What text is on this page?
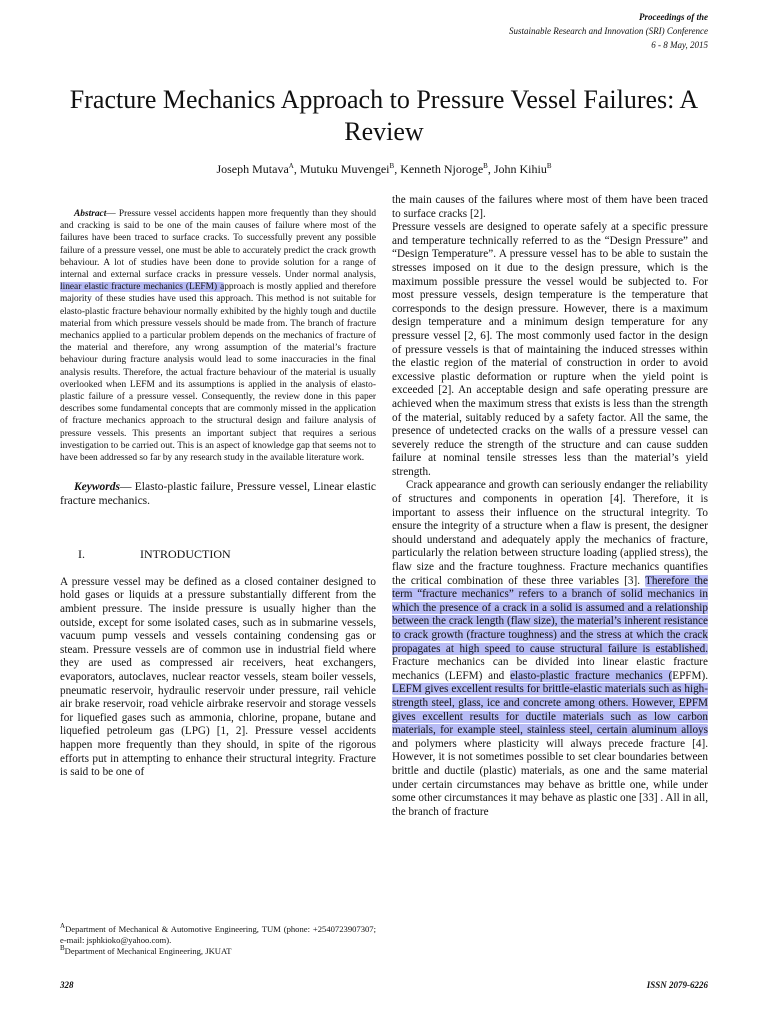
Proceedings of the
Sustainable Research and Innovation (SRI) Conference
6 - 8 May, 2015
Fracture Mechanics Approach to Pressure Vessel Failures: A Review
Joseph Mutava$^A$, Mutuku Muvengei$^B$, Kenneth Njoroge$^B$, John Kihiu$^B$

Abstract— Pressure vessel accidents happen more frequently than they should and cracking is said to be one of the main causes of failure where most of the failures have been traced to surface cracks. To successfully prevent any possible failure of a pressure vessel, one must be able to accurately predict the crack growth behaviour. A lot of studies have been done to provide solution for a range of internal and external surface cracks in pressure vessels. Under normal analysis, linear elastic fracture mechanics (LEFM) approach is mostly applied and therefore majority of these studies have used this approach. This method is not suitable for elasto-plastic fracture behaviour normally exhibited by the highly tough and ductile material from which pressure vessels should be made from. The branch of fracture mechanics applied to a particular problem depends on the mechanics of fracture of the material and therefore, any wrong assumption of the material’s fracture behaviour during fracture analysis would lead to some inaccuracies in the final analysis results. Therefore, the actual fracture behaviour of the material is usually overlooked when LEFM and its assumptions is applied in the analysis of elasto-plastic failure of a pressure vessel. Consequently, the review done in this paper describes some fundamental concepts that are commonly missed in the application of fracture mechanics approach to the structural design and failure analysis of pressure vessels. This presents an important subject that requires a serious investigation to be carried out. This is an aspect of knowledge gap that seems not to have been addressed so far by any research study in the available literature work.

Keywords— Elasto-plastic failure, Pressure vessel, Linear elastic fracture mechanics.

I.	INTRODUCTION

A pressure vessel may be defined as a closed container designed to hold gases or liquids at a pressure substantially different from the ambient pressure. The inside pressure is usually higher than the outside, except for some isolated cases, such as in submarine vessels, vacuum pump vessels and vessels containing condensing gas or steam. Pressure vessels are of common use in industrial field where they are used as compressed air receivers, heat exchangers, evaporators, autoclaves, nuclear reactor vessels, steam boiler vessels, pneumatic reservoir, hydraulic reservoir under pressure, rail vehicle air brake reservoir, road vehicle airbrake reservoir and storage vessels for liquefied gases such as ammonia, chlorine, propane, butane and liquefied petroleum gas (LPG) [1, 2]. Pressure vessel accidents happen more frequently than they should, in spite of the rigorous efforts put in attempting to enhance their structural integrity. Fracture is said to be one of

the main causes of the failures where most of them have been traced to surface cracks [2].

Pressure vessels are designed to operate safely at a specific pressure and temperature technically referred to as the “Design Pressure” and “Design Temperature”. A pressure vessel has to be able to sustain the stresses imposed on it due to the design pressure, which is the maximum possible pressure the vessel would be subjected to. For most pressure vessels, design temperature is the temperature that corresponds to the design pressure. However, there is a maximum design temperature and a minimum design temperature for any pressure vessel [2, 6]. The most commonly used factor in the design of pressure vessels is that of maintaining the induced stresses within the elastic region of the material of construction in order to avoid excessive plastic deformation or rupture when the yield point is exceeded [2]. An acceptable design and safe operating pressure are achieved when the maximum stress that exists is less than the strength of the material, suitably reduced by a safety factor. All the same, the presence of undetected cracks on the walls of a pressure vessel can severely reduce the strength of the structure and can cause sudden failure at nominal tensile stresses less than the material’s yield strength.

Crack appearance and growth can seriously endanger the reliability of structures and components in operation [4]. Therefore, it is important to assess their influence on the structural integrity. To ensure the integrity of a structure when a flaw is present, the designer should understand and adequately apply the mechanics of fracture, particularly the relation between structure loading (applied stress), the flaw size and the fracture toughness. Fracture mechanics quantifies the critical combination of these three variables [3]. Therefore the term “fracture mechanics” refers to a branch of solid mechanics in which the presence of a crack in a solid is assumed and a relationship between the crack length (flaw size), the material’s inherent resistance to crack growth (fracture toughness) and the stress at which the crack propagates at high speed to cause structural failure is established. Fracture mechanics can be divided into linear elastic fracture mechanics (LEFM) and elasto-plastic fracture mechanics (EPFM). LEFM gives excellent results for brittle-elastic materials such as high-strength steel, glass, ice and concrete among others. However, EPFM gives excellent results for ductile materials such as low carbon materials, for example steel, stainless steel, certain aluminum alloys and polymers where plasticity will always precede fracture [4]. However, it is not sometimes possible to set clear boundaries between brittle and ductile (plastic) materials, as one and the same material under certain circumstances may behave as brittle one, while under some other circumstances it may behave as plastic one [33] . All in all, the branch of fracture

$^A$Department of Mechanical & Automotive Engineering, TUM (phone: +2540723907307; e-mail: jsphkioko@yahoo.com).
$^B$Department of Mechanical Engineering, JKUAT
328	ISSN 2079-6226
